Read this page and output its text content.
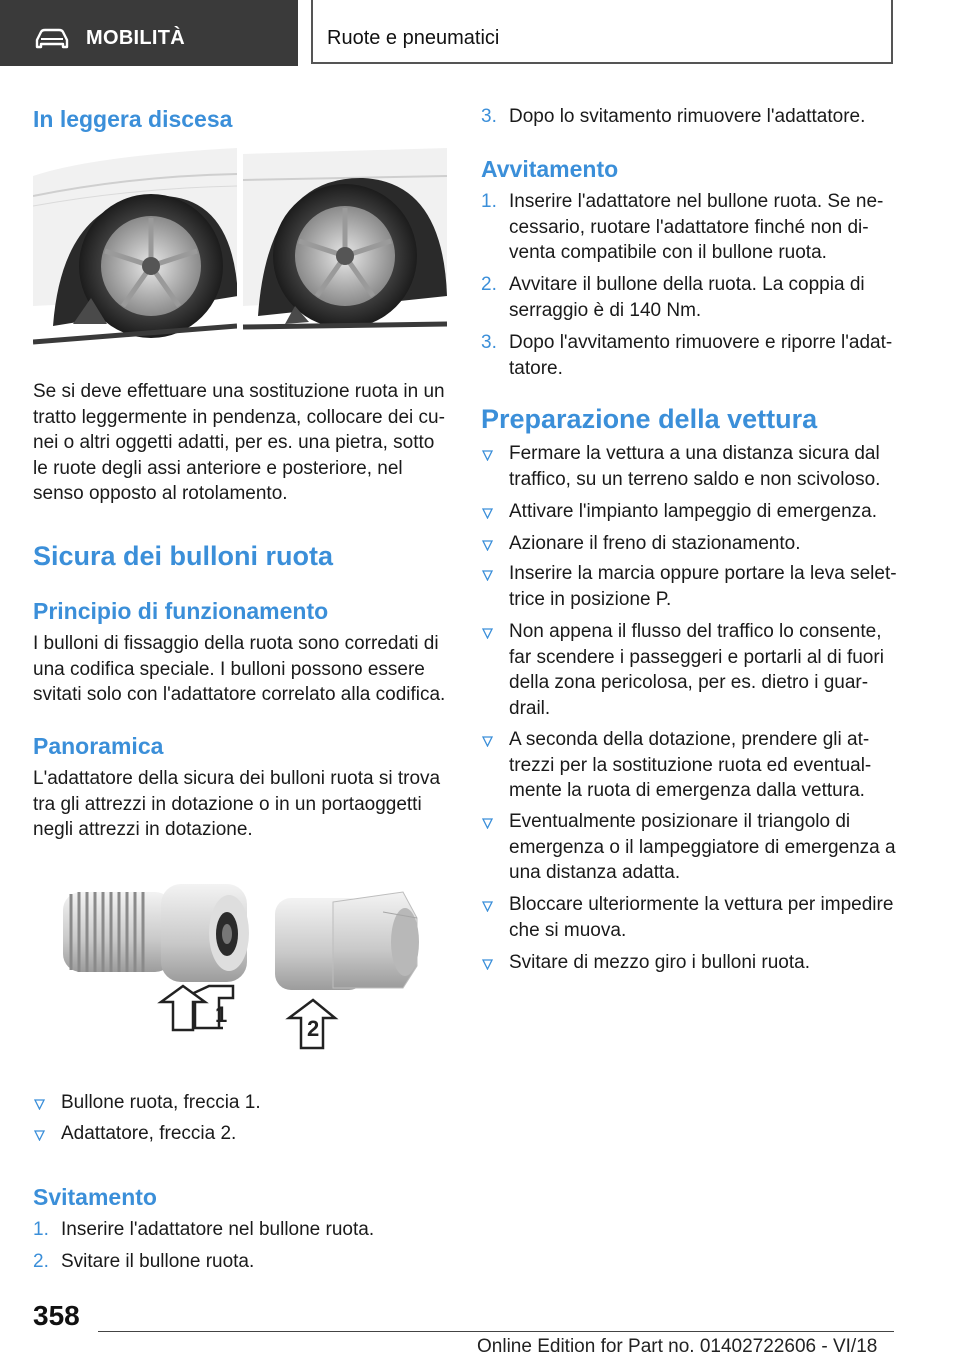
MOBILITÀ	Ruote e pneumatici
In leggera discesa
Se si deve effettuare una sostituzione ruota in un
tratto leggermente in pendenza, collocare dei cu-
nei o altri oggetti adatti, per es. una pietra, sotto
le ruote degli assi anteriore e posteriore, nel
senso opposto al rotolamento.
Sicura dei bulloni ruota
Principio di funzionamento
I bulloni di fissaggio della ruota sono corredati di
una codifica speciale. I bulloni possono essere
svitati solo con l'adattatore correlato alla codifica.
Panoramica
L'adattatore della sicura dei bulloni ruota si trova
tra gli attrezzi in dotazione o in un portaoggetti
negli attrezzi in dotazione.
1
2
Bullone ruota, freccia 1.
Adattatore, freccia 2.
Svitamento
1. Inserire l'adattatore nel bullone ruota.
2. Svitare il bullone ruota.
3. Dopo lo svitamento rimuovere l'adattatore.
Avvitamento
1. Inserire l'adattatore nel bullone ruota. Se ne-
cessario, ruotare l'adattatore finché non di-
venta compatibile con il bullone ruota.
2. Avvitare il bullone della ruota. La coppia di
serraggio è di 140 Nm.
3. Dopo l'avvitamento rimuovere e riporre l'adat-
tatore.
Preparazione della vettura
Fermare la vettura a una distanza sicura dal
traffico, su un terreno saldo e non scivoloso.
Attivare l'impianto lampeggio di emergenza.
Azionare il freno di stazionamento.
Inserire la marcia oppure portare la leva selet-
trice in posizione P.
Non appena il flusso del traffico lo consente,
far scendere i passeggeri e portarli al di fuori
della zona pericolosa, per es. dietro i guar-
drail.
A seconda della dotazione, prendere gli at-
trezzi per la sostituzione ruota ed eventual-
mente la ruota di emergenza dalla vettura.
Eventualmente posizionare il triangolo di
emergenza o il lampeggiatore di emergenza a
una distanza adatta.
Bloccare ulteriormente la vettura per impedire
che si muova.
Svitare di mezzo giro i bulloni ruota.
358
Online Edition for Part no. 01402722606 - VI/18
